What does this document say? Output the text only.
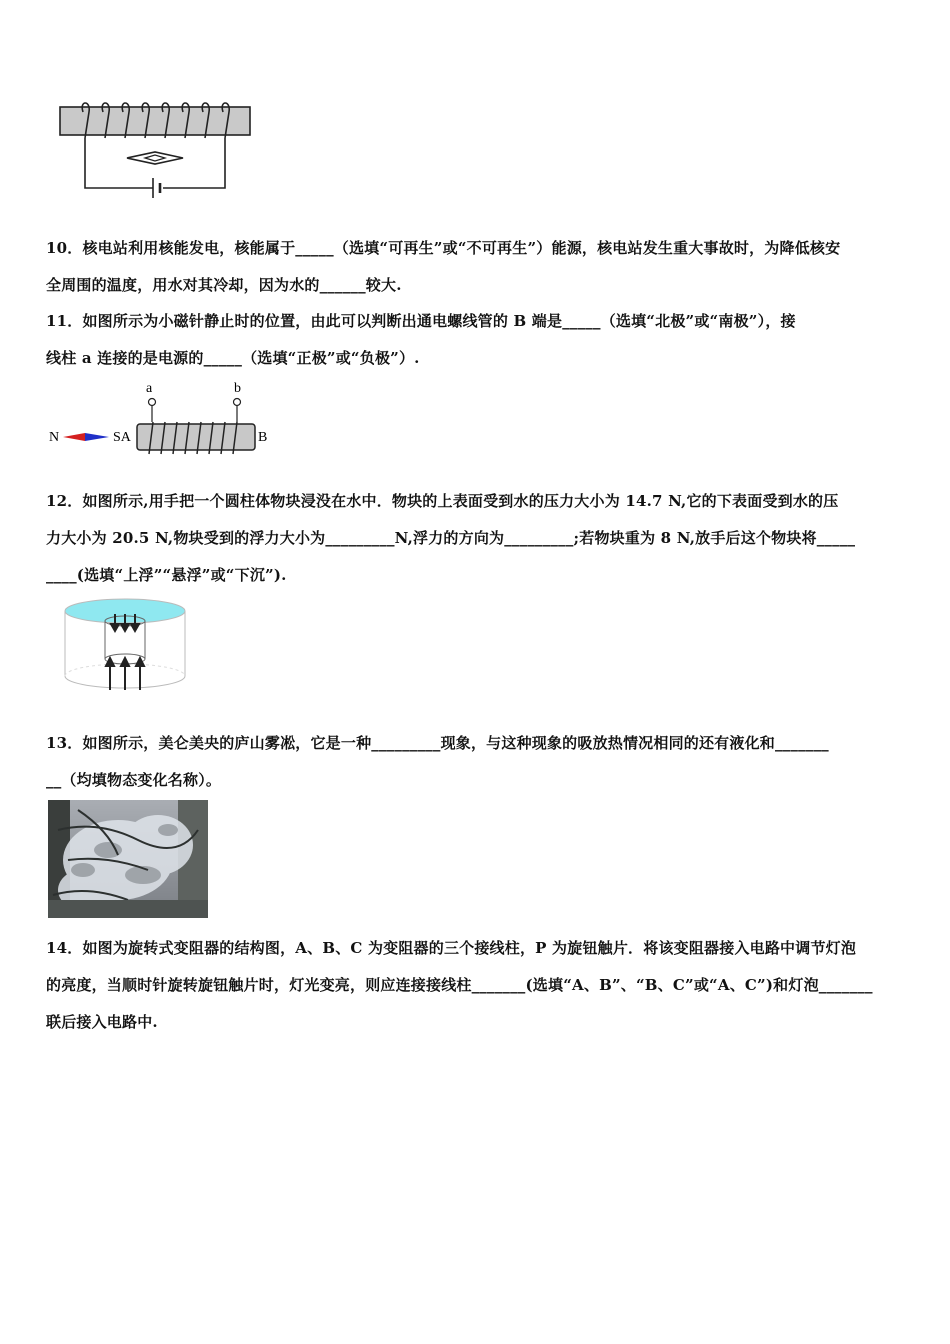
10．核电站利用核能发电，核能属于_____（选填“可再生”或“不可再生”）能源，核电站发生重大事故时，为降低核安
全周围的温度，用水对其冷却，因为水的______较大.
11．如图所示为小磁针静止时的位置，由此可以判断出通电螺线管的 B 端是_____（选填“北极”或“南极”），接
线柱 a 连接的是电源的_____（选填“正极”或“负极”）.
a	b
N	SA	B
12．如图所示,用手把一个圆柱体物块浸没在水中．物块的上表面受到水的压力大小为 14.7 N,它的下表面受到水的压
力大小为 20.5 N,物块受到的浮力大小为_________N,浮力的方向为_________;若物块重为 8 N,放手后这个物块将_____
____(选填“上浮”“悬浮”或“下沉”).
13．如图所示，美仑美央的庐山雾凇，它是一种_________现象，与这种现象的吸放热情况相同的还有液化和_______
__（均填物态变化名称）。
14．如图为旋转式变阻器的结构图，A、B、C 为变阻器的三个接线柱，P 为旋钮触片．将该变阻器接入电路中调节灯泡
的亮度，当顺时针旋转旋钮触片时，灯光变亮，则应连接接线柱_______(选填“A、B”、“B、C”或“A、C”)和灯泡_______
联后接入电路中.
